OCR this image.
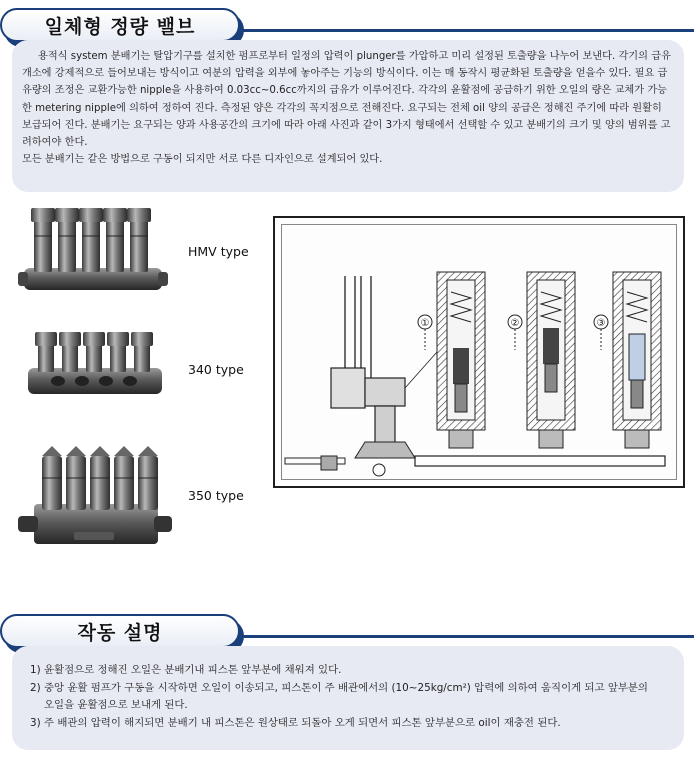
일체형 정량 밸브

용적식 system 분배기는 탈압기구를 설치한 펌프로부터 일정의 압력이 plunger를 가압하고 미리 설정된 토출량을 나누어 보낸다. 각기의 급유 개소에 강제적으로 들어보내는 방식이고 여분의 압력을 외부에 놓아주는 기능의 방식이다. 이는 매 동작시 평균화된 토출량을 얻을수 있다. 필요 급유량의 조정은 교환가능한 nipple을 사용하여 0.03cc~0.6cc까지의 급유가 이루어진다. 각각의 윤활점에 공급하기 위한 오일의 량은 교체가 가능한 metering nipple에 의하여 정하여 진다. 측정된 양은 각각의 꼭지점으로 전해진다. 요구되는 전체 oil 양의 공급은 정해진 주기에 따라 원활히 보급되어 진다. 분배기는 요구되는 양과 사용공간의 크기에 따라 아래 사진과 같이 3가지 형태에서 선택할 수 있고 분배기의 크기 및 양의 범위를 고려하여야 한다.

모든 분배기는 같은 방법으로 구동이 되지만 서로 다른 디자인으로 설계되어 있다.

HMV type
340 type
350 type
①	②	③
작동 설명
1) 윤활점으로 정해진 오일은 분배기내 피스톤 앞부분에 채워져 있다.
2) 중앙 윤활 펌프가 구동을 시작하면 오일이 이송되고, 피스톤이 주 배관에서의 (10~25kg/cm²) 압력에 의하여 움직이게 되고 앞부분의
오일을 윤활점으로 보내게 된다.
3) 주 배관의 압력이 해지되면 분배기 내 피스톤은 원상태로 되돌아 오게 되면서 피스톤 앞부분으로 oil이 재충전 된다.
